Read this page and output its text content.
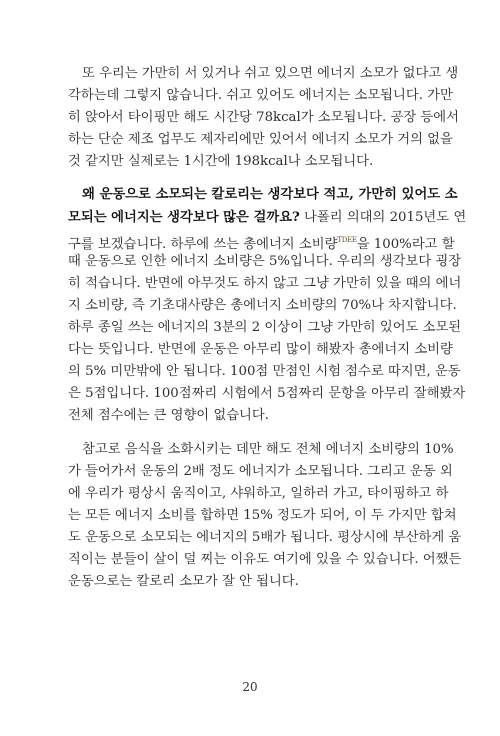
또 우리는 가만히 서 있거나 쉬고 있으면 에너지 소모가 없다고 생
각하는데 그렇지 않습니다. 쉬고 있어도 에너지는 소모됩니다. 가만
히 앉아서 타이핑만 해도 시간당 78kcal가 소모됩니다. 공장 등에서
하는 단순 제조 업무도 제자리에만 있어서 에너지 소모가 거의 없을
것 같지만 실제로는 1시간에 198kcal나 소모됩니다.
왜 운동으로 소모되는 칼로리는 생각보다 적고, 가만히 있어도 소
모되는 에너지는 생각보다 많은 걸까요? 나폴리 의대의 2015년도 연
구를 보겠습니다. 하루에 쓰는 총에너지 소비량$^{TDEE}$을 100%라고 할
때 운동으로 인한 에너지 소비량은 5%입니다. 우리의 생각보다 굉장
히 적습니다. 반면에 아무것도 하지 않고 그냥 가만히 있을 때의 에너
지 소비량, 즉 기초대사량은 총에너지 소비량의 70%나 차지합니다.
하루 종일 쓰는 에너지의 3분의 2 이상이 그냥 가만히 있어도 소모된
다는 뜻입니다. 반면에 운동은 아무리 많이 해봤자 총에너지 소비량
의 5% 미만밖에 안 됩니다. 100점 만점인 시험 점수로 따지면, 운동
은 5점입니다. 100점짜리 시험에서 5점짜리 문항을 아무리 잘해봤자
전체 점수에는 큰 영향이 없습니다.
참고로 음식을 소화시키는 데만 해도 전체 에너지 소비량의 10%
가 들어가서 운동의 2배 정도 에너지가 소모됩니다. 그리고 운동 외
에 우리가 평상시 움직이고, 샤워하고, 일하러 가고, 타이핑하고 하
는 모든 에너지 소비를 합하면 15% 정도가 되어, 이 두 가지만 합쳐
도 운동으로 소모되는 에너지의 5배가 됩니다. 평상시에 부산하게 움
직이는 분들이 살이 덜 찌는 이유도 여기에 있을 수 있습니다. 어쨌든
운동으로는 칼로리 소모가 잘 안 됩니다.
20
